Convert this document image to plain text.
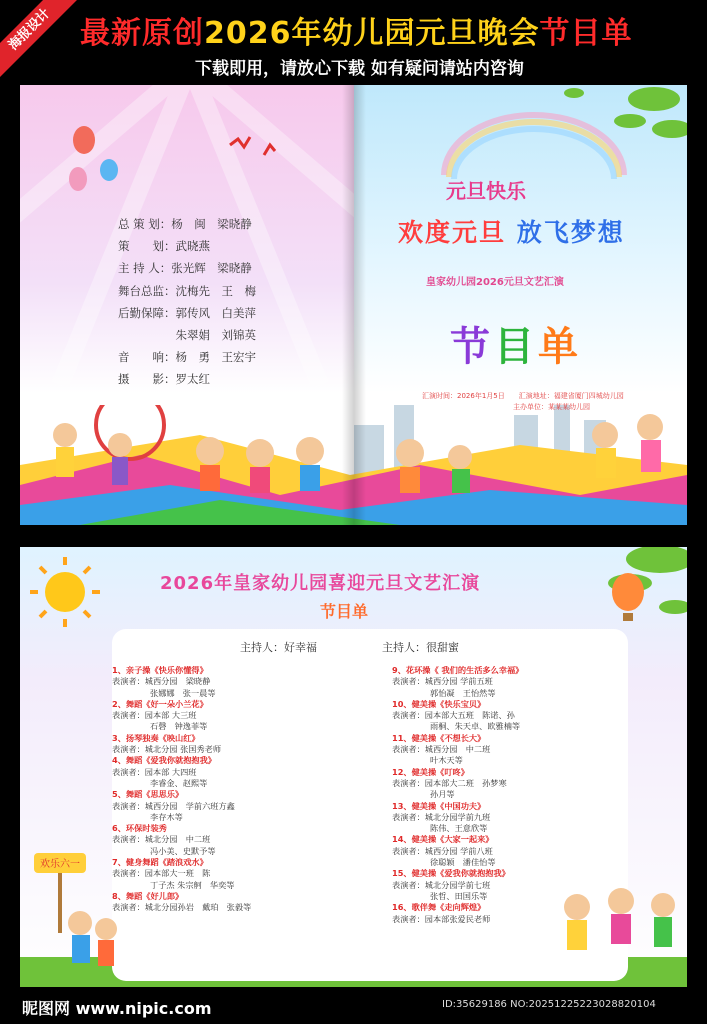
海报设计 最新原创2026年幼儿园元旦晚会节目单
下载即用，请放心下载 如有疑问请站内咨询
总 策 划：杨　闽　梁晓静
策　　划：武晓燕
主 持 人：张光辉　梁晓静
舞台总监：沈梅先　王　梅
后勤保障：郭传风　白美萍
　　　　　朱翠娟　刘锦英
音　　响：杨　勇　王宏宇
摄　　影：罗太红
元旦快乐
欢度元旦 放飞梦想
皇家幼儿园2026元旦文艺汇演
节目单
汇演时间：2026年1月5日　　汇演地址：福建省厦门四城幼儿园
　　　　　　　　　　　　　主办单位：某某某幼儿园
2026年皇家幼儿园喜迎元旦文艺汇演
节目单
主持人：好幸福	主持人：很甜蜜
1、亲子操《快乐你懂得》
表演者：城西分园　梁晓静
张娜娜　张一晨等
2、舞蹈《好一朵小兰花》
表演者：园本部 大三班
石磬　钟逸菲等
3、扬琴独奏《映山红》
表演者：城北分园 张国秀老师
4、舞蹈《爱我你就抱抱我》
表演者：园本部 大四班
李睿金、赵熙等
5、舞蹈《思思乐》
表演者：城西分园　学前六班方鑫
李存木等
6、环保时装秀
表演者：城北分园　中二班
冯小美、史默予等
7、健身舞蹈《踏浪戏水》
表演者：园本部大一班　陈
丁子杰 朱宗舸　华奕等
8、舞蹈《好儿郎》
表演者：城北分园孙岩　戴珀　张毅等
9、花环操《 我们的生活多么幸福》
表演者：城西分园 学前五班
郭怡凝　王怡然等
10、健美操《快乐宝贝》
表演者：园本部大五班　陈诺、孙
雨桐、朱天卓、欧雅楠等
11、健美操《不想长大》
表演者：城西分园　中二班
叶木天等
12、健美操《叮咚》
表演者：园本部大二班　孙梦寒
孙月等
13、健美操《中国功夫》
表演者：城北分园学前九班
陈伟、王意欣等
14、健美操《大家一起来》
表演者：城西分园 学前八班
徐聪颖　潘佳怡等
15、健美操《爱我你就抱抱我》
表演者：城北分园学前七班
张哲、田国乐等
16、歌伴舞《走向辉煌》
表演者：园本部张爱民老师
欢乐六一
昵图网 www.nipic.com	ID:35629186 NO:20251225223028820104
